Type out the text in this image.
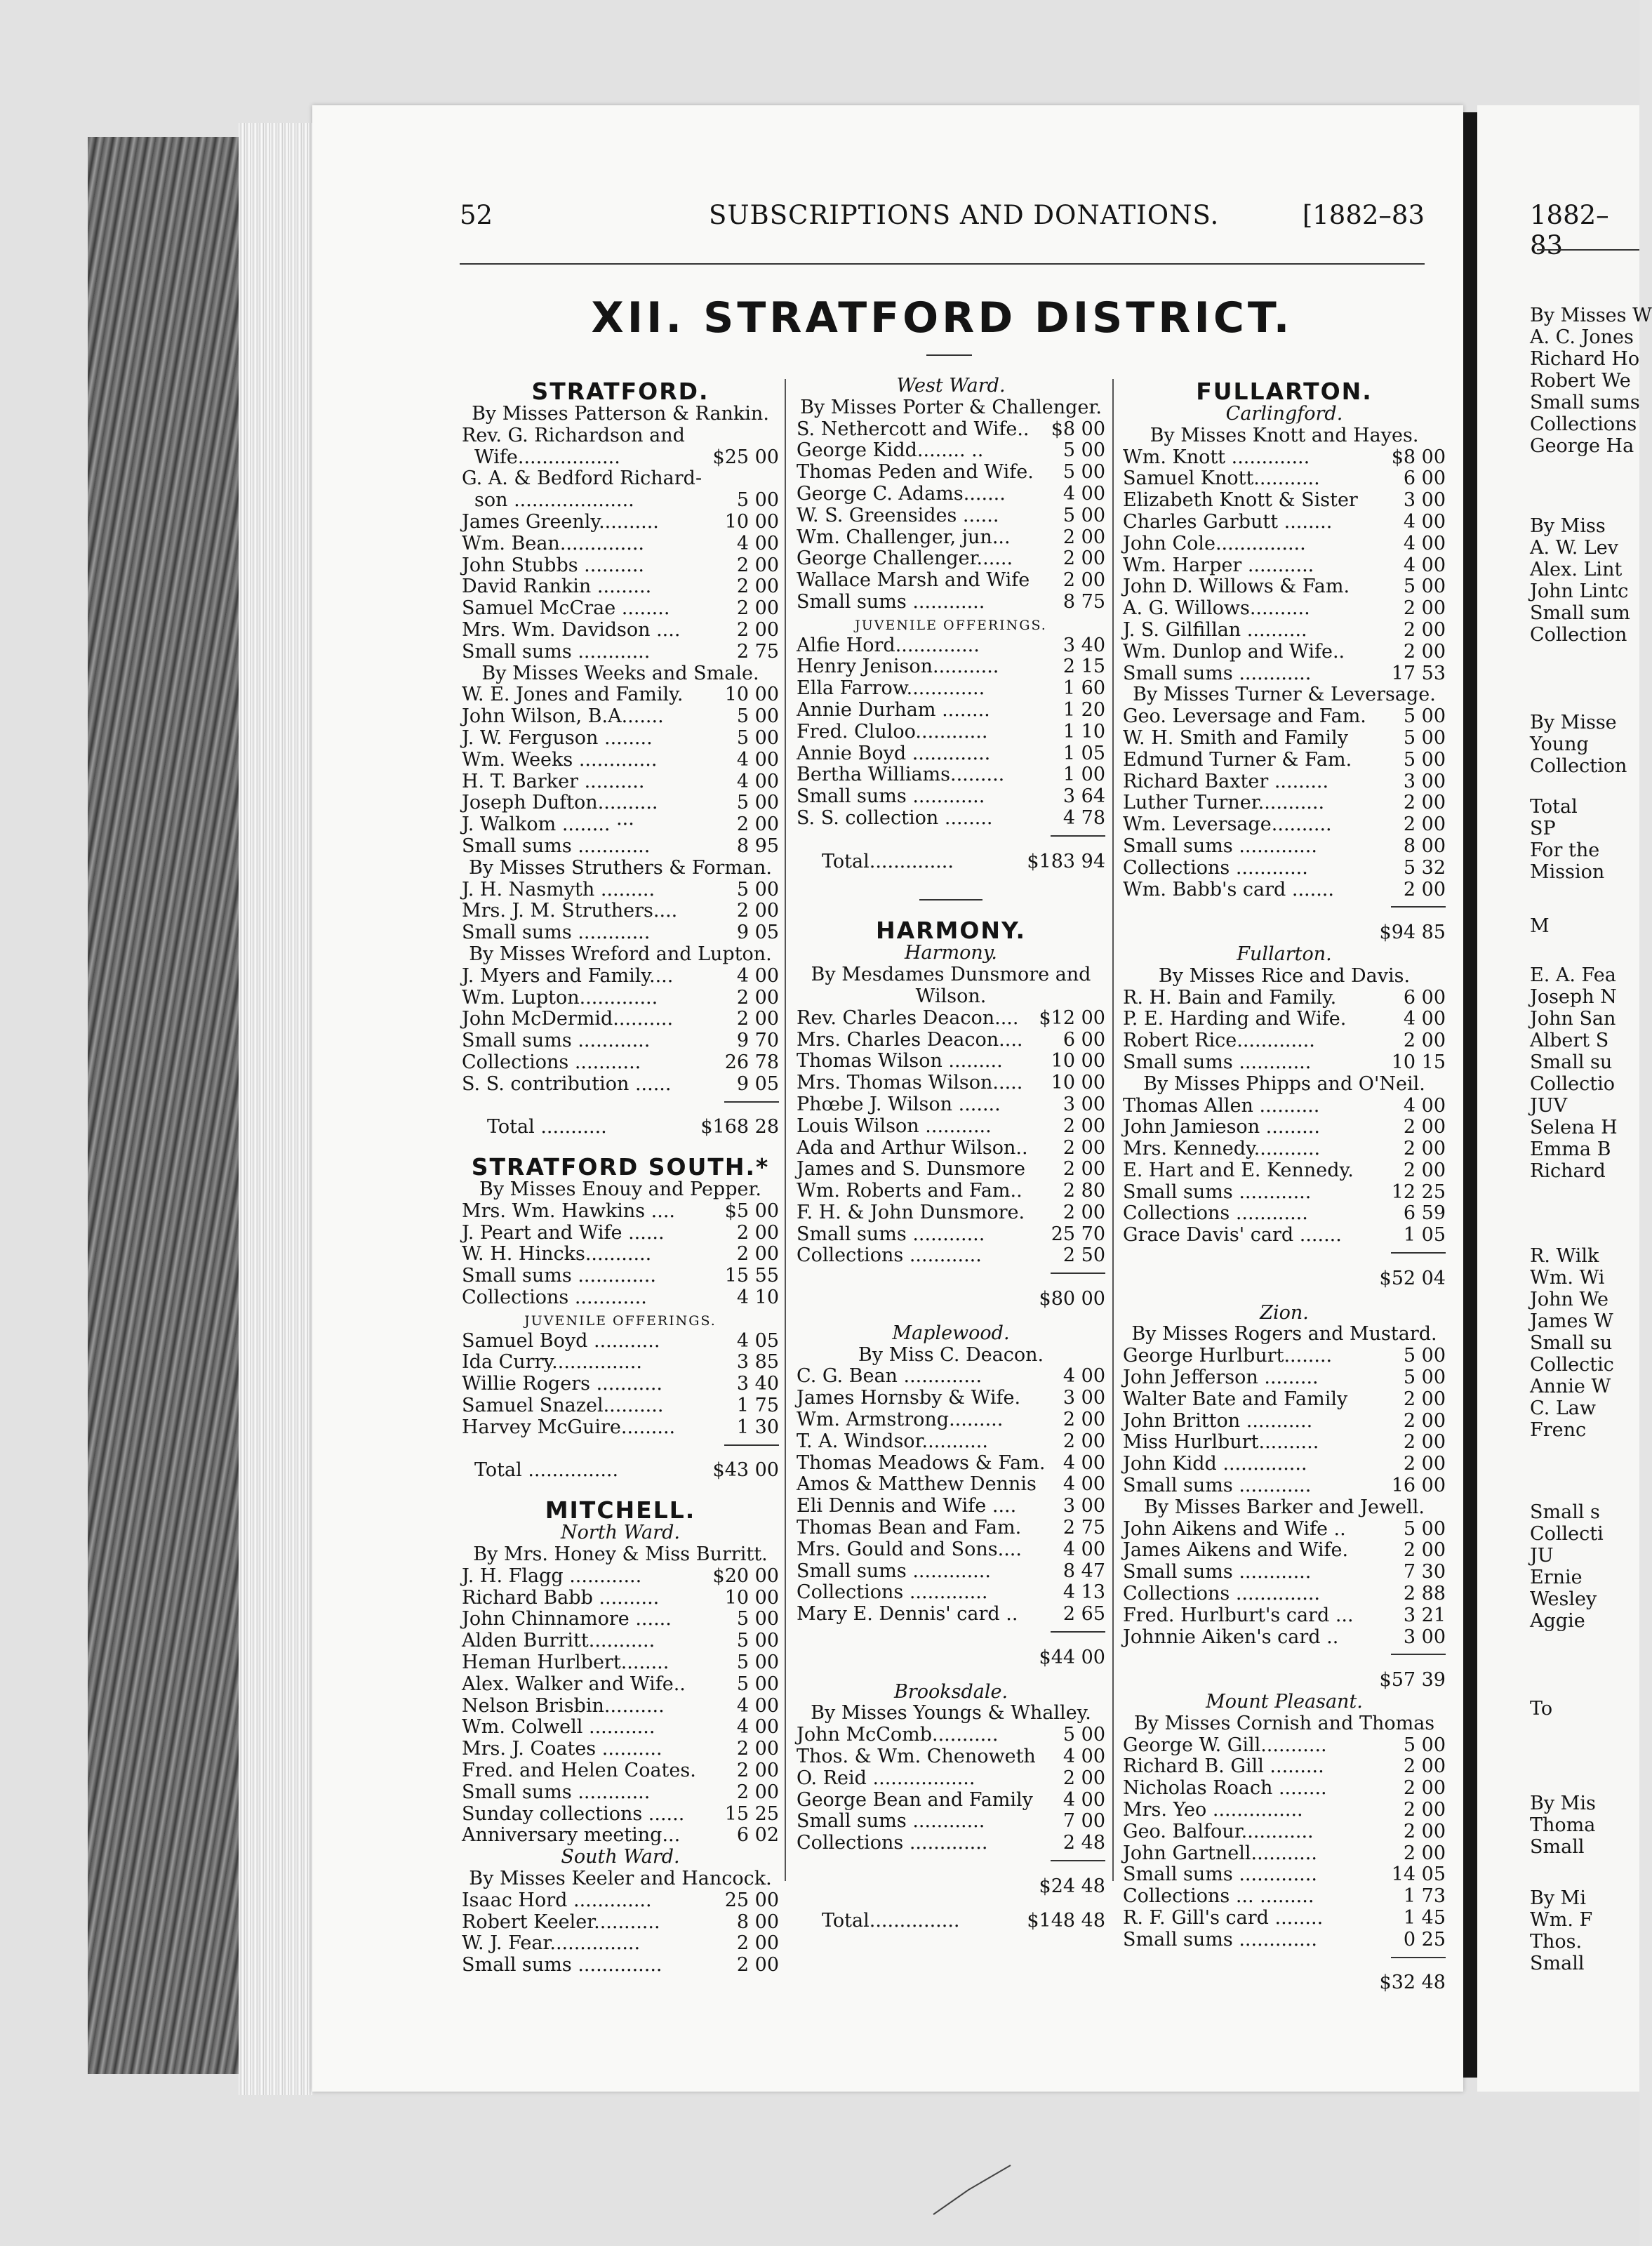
52	SUBSCRIPTIONS AND DONATIONS.	[1882–83
XII. STRATFORD DISTRICT.
STRATFORD.
By Misses Patterson & Rankin.
Rev. G. Richardson and
Wife.................	$25 00
G. A. & Bedford Richard-
son ....................	5 00
James Greenly..........	10 00
Wm. Bean..............	4 00
John Stubbs ..........	2 00
David Rankin .........	2 00
Samuel McCrae ........	2 00
Mrs. Wm. Davidson ....	2 00
Small sums ............	2 75
By Misses Weeks and Smale.
W. E. Jones and Family. 10 00
John Wilson, B.A.......	5 00
J. W. Ferguson ........	5 00
Wm. Weeks .............	4 00
H. T. Barker ..........	4 00
Joseph Dufton..........	5 00
J. Walkom ........ ···	2 00
Small sums ............	8 95
By Misses Struthers & Forman.
J. H. Nasmyth .........	5 00
Mrs. J. M. Struthers....	2 00
Small sums ............	9 05
By Misses Wreford and Lupton.
J. Myers and Family....	4 00
Wm. Lupton.............	2 00
John McDermid..........	2 00
Small sums ............	9 70
Collections ...........	26 78
S. S. contribution ......	9 05
Total ...........	$168 28
STRATFORD SOUTH.*
By Misses Enouy and Pepper.
Mrs. Wm. Hawkins ....	$5 00
J. Peart and Wife ......	2 00
W. H. Hincks...........	2 00
Small sums .............	15 55
Collections ............	4 10
JUVENILE OFFERINGS.
Samuel Boyd ...........	4 05
Ida Curry...............	3 85
Willie Rogers ...........	3 40
Samuel Snazel..........	1 75
Harvey McGuire.........	1 30
Total ...............	$43 00
MITCHELL.
North Ward.
By Mrs. Honey & Miss Burritt.
J. H. Flagg ............	$20 00
Richard Babb ..........	10 00
John Chinnamore ......	5 00
Alden Burritt...........	5 00
Heman Hurlbert........	5 00
Alex. Walker and Wife..	5 00
Nelson Brisbin..........	4 00
Wm. Colwell ...........	4 00
Mrs. J. Coates ..........	2 00
Fred. and Helen Coates. 2 00
Small sums ............	2 00
Sunday collections ...... 15 25
Anniversary meeting...	6 02
South Ward.
By Misses Keeler and Hancock.
Isaac Hord .............	25 00
Robert Keeler...........	8 00
W. J. Fear...............	2 00
Small sums ..............	2 00
West Ward.
By Misses Porter & Challenger.
S. Nethercott and Wife.. $8 00
George Kidd........ ..	5 00
Thomas Peden and Wife. 5 00
George C. Adams.......	4 00
W. S. Greensides ......	5 00
Wm. Challenger, jun...	2 00
George Challenger......	2 00
Wallace Marsh and Wife 2 00
Small sums ............	8 75
JUVENILE OFFERINGS.
Alfie Hord..............	3 40
Henry Jenison...........	2 15
Ella Farrow.............	1 60
Annie Durham ........	1 20
Fred. Cluloo............	1 10
Annie Boyd .............	1 05
Bertha Williams.........	1 00
Small sums ............	3 64
S. S. collection ........	4 78
Total..............	$183 94
HARMONY.
Harmony.
By Mesdames Dunsmore and
Wilson.
Rev. Charles Deacon.... $12 00
Mrs. Charles Deacon.... 6 00
Thomas Wilson .........	10 00
Mrs. Thomas Wilson..... 10 00
Phœbe J. Wilson .......	3 00
Louis Wilson ...........	2 00
Ada and Arthur Wilson.. 2 00
James and S. Dunsmore 2 00
Wm. Roberts and Fam.. 2 80
F. H. & John Dunsmore. 2 00
Small sums ............	25 70
Collections ............	2 50
$80 00
Maplewood.
By Miss C. Deacon.
C. G. Bean .............	4 00
James Hornsby & Wife. 3 00
Wm. Armstrong.........	2 00
T. A. Windsor...........	2 00
Thomas Meadows & Fam. 4 00
Amos & Matthew Dennis 4 00
Eli Dennis and Wife .... 3 00
Thomas Bean and Fam. 2 75
Mrs. Gould and Sons.... 4 00
Small sums .............	8 47
Collections .............	4 13
Mary E. Dennis' card .. 2 65
$44 00
Brooksdale.
By Misses Youngs & Whalley.
John McComb...........	5 00
Thos. & Wm. Chenoweth 4 00
O. Reid .................	2 00
George Bean and Family 4 00
Small sums ............	7 00
Collections .............	2 48
$24 48
Total...............	$148 48
FULLARTON.
Carlingford.
By Misses Knott and Hayes.
Wm. Knott .............	$8 00
Samuel Knott...........	6 00
Elizabeth Knott & Sister 3 00
Charles Garbutt ........	4 00
John Cole...............	4 00
Wm. Harper ...........	4 00
John D. Willows & Fam.	5 00
A. G. Willows..........	2 00
J. S. Gilfillan ..........	2 00
Wm. Dunlop and Wife..	2 00
Small sums ............	17 53
By Misses Turner & Leversage.
Geo. Leversage and Fam. 5 00
W. H. Smith and Family	5 00
Edmund Turner & Fam.	5 00
Richard Baxter .........	3 00
Luther Turner...........	2 00
Wm. Leversage..........	2 00
Small sums .............	8 00
Collections ............	5 32
Wm. Babb's card .......	2 00
$94 85
Fullarton.
By Misses Rice and Davis.
R. H. Bain and Family.	6 00
P. E. Harding and Wife.	4 00
Robert Rice.............	2 00
Small sums ............	10 15
By Misses Phipps and O'Neil.
Thomas Allen ..........	4 00
John Jamieson .........	2 00
Mrs. Kennedy...........	2 00
E. Hart and E. Kennedy.	2 00
Small sums ............	12 25
Collections ............	6 59
Grace Davis' card .......	1 05
$52 04
Zion.
By Misses Rogers and Mustard.
George Hurlburt........	5 00
John Jefferson .........	5 00
Walter Bate and Family	2 00
John Britton ...........	2 00
Miss Hurlburt..........	2 00
John Kidd ..............	2 00
Small sums ............	16 00
By Misses Barker and Jewell.
John Aikens and Wife ..	5 00
James Aikens and Wife.	2 00
Small sums ............	7 30
Collections ..............	2 88
Fred. Hurlburt's card ...	3 21
Johnnie Aiken's card ..	3 00
$57 39
Mount Pleasant.
By Misses Cornish and Thomas
George W. Gill...........	5 00
Richard B. Gill .........	2 00
Nicholas Roach ........	2 00
Mrs. Yeo ...............	2 00
Geo. Balfour............	2 00
John Gartnell...........	2 00
Small sums .............	14 05
Collections ... .........	1 73
R. F. Gill's card ........	1 45
Small sums .............	0 25
$32 48
1882–83
By Misses W
A. C. Jones
Richard Ho
Robert We
Small sums
Collections
George Ha
By Miss
A. W. Lev
Alex. Lint
John Lintc
Small sum
Collection
By Misse
Young
Collection
Total
SP
For the
Mission
M
E. A. Fea
Joseph N
John San
Albert S
Small su
Collectio
JUV
Selena H
Emma B
Richard
R. Wilk
Wm. Wi
John We
James W
Small su
Collectic
Annie W
C. Law
Frenc
Small s
Collecti
JU
Ernie
Wesley
Aggie
To
By Mis
Thoma
Small
By Mi
Wm. F
Thos.
Small
